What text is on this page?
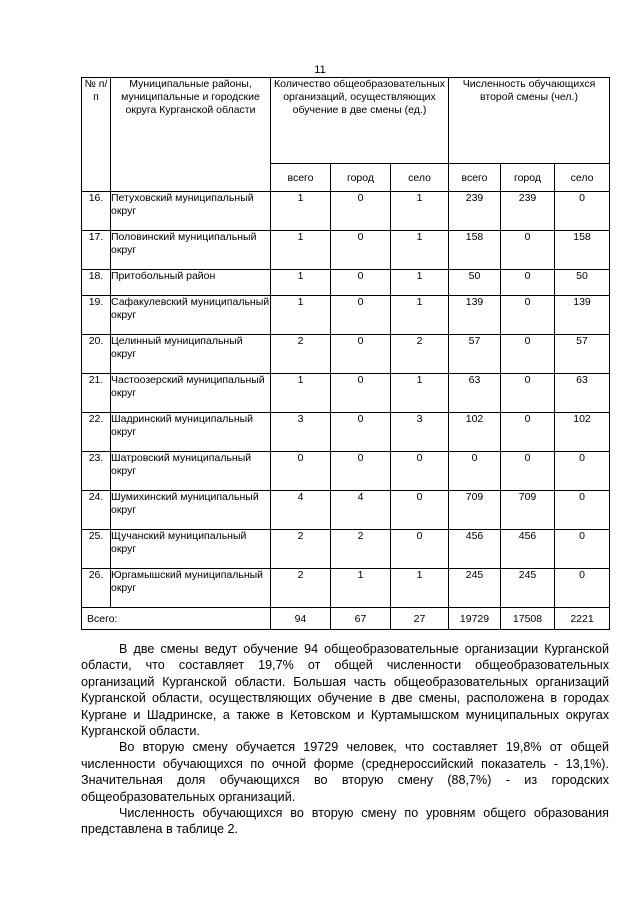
11
№ п/п	Муниципальные районы, муниципальные и городские округа Курганской области	Количество общеобразовательных организаций, осуществляющих обучение в две смены (ед.)			Численность обучающихся второй смены (чел.)		
		всего	город	село	всего	город	село
16.	Петуховский муниципальный округ	1	0	1	239	239	0
17.	Половинский муниципальный округ	1	0	1	158	0	158
18.	Притобольный район	1	0	1	50	0	50
19.	Сафакулевский муниципальный округ	1	0	1	139	0	139
20.	Целинный муниципальный округ	2	0	2	57	0	57
21.	Частоозерский муниципальный округ	1	0	1	63	0	63
22.	Шадринский муниципальный округ	3	0	3	102	0	102
23.	Шатровский муниципальный округ	0	0	0	0	0	0
24.	Шумихинский муниципальный округ	4	4	0	709	709	0
25.	Щучанский муниципальный округ	2	2	0	456	456	0
26.	Юргамышский муниципальный округ	2	1	1	245	245	0
Всего:		94	67	27	19729	17508	2221

В две смены ведут обучение 94 общеобразовательные организации Курганской области, что составляет 19,7% от общей численности общеобразовательных организаций Курганской области. Большая часть общеобразовательных организаций Курганской области, осуществляющих обучение в две смены, расположена в городах Кургане и Шадринске, а также в Кетовском и Куртамышском муниципальных округах Курганской области.

Во вторую смену обучается 19729 человек, что составляет 19,8% от общей численности обучающихся по очной форме (среднероссийский показатель - 13,1%). Значительная доля обучающихся во вторую смену (88,7%) - из городских общеобразовательных организаций.

Численность обучающихся во вторую смену по уровням общего образования представлена в таблице 2.
